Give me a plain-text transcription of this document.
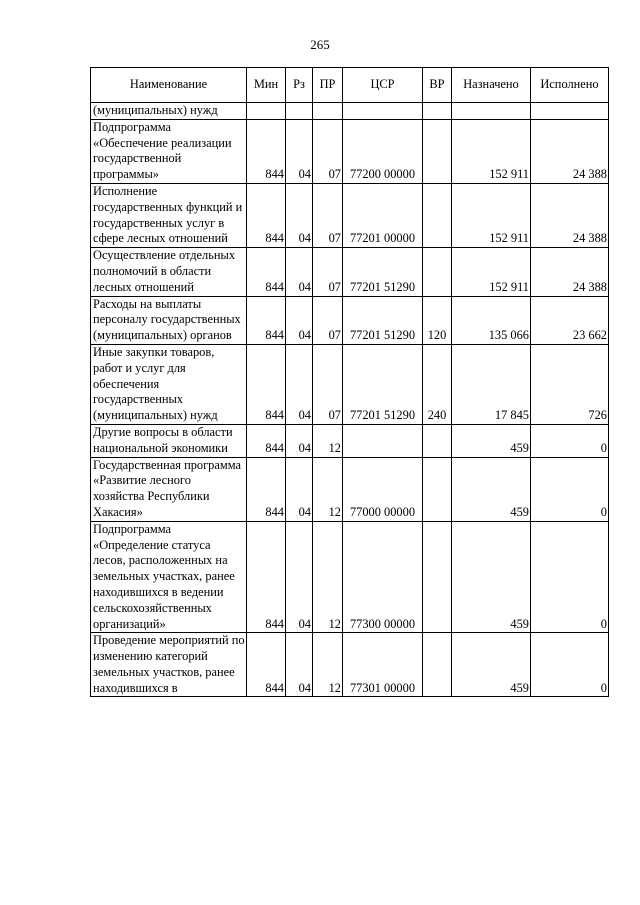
265
Наименование	Мин	Рз	ПР	ЦСР	ВР	Назначено	Исполнено
(муниципальных) нужд							
Подпрограмма «Обеспечение реализации государственной программы»	844	04	07	77200 00000		152 911	24 388
Исполнение государственных функций и государственных услуг в сфере лесных отношений	844	04	07	77201 00000		152 911	24 388
Осуществление отдельных полномочий в области лесных отношений	844	04	07	77201 51290		152 911	24 388
Расходы на выплаты персоналу государственных (муниципальных) органов	844	04	07	77201 51290	120	135 066	23 662
Иные закупки товаров, работ и услуг для обеспечения государственных (муниципальных) нужд	844	04	07	77201 51290	240	17 845	726
Другие вопросы в области национальной экономики	844	04	12			459	0
Государственная программа «Развитие лесного хозяйства Республики Хакасия»	844	04	12	77000 00000		459	0
Подпрограмма «Определение статуса лесов, расположенных на земельных участках, ранее находившихся в ведении сельскохозяйственных организаций»	844	04	12	77300 00000		459	0
Проведение мероприятий по изменению категорий земельных участков, ранее находившихся в	844	04	12	77301 00000		459	0
